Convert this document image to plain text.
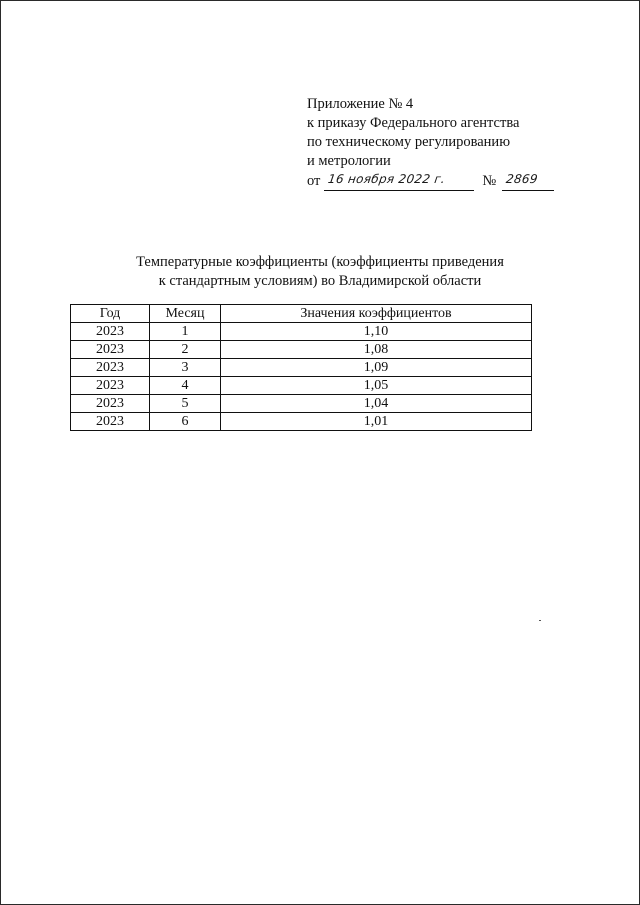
Приложение № 4
к приказу Федерального агентства
по техническому регулированию
и метрологии
от 16 ноября 2022 г. № 2869
Температурные коэффициенты (коэффициенты приведения
к стандартным условиям) во Владимирской области
Год	Месяц	Значения коэффициентов
2023	1	1,10
2023	2	1,08
2023	3	1,09
2023	4	1,05
2023	5	1,04
2023	6	1,01
